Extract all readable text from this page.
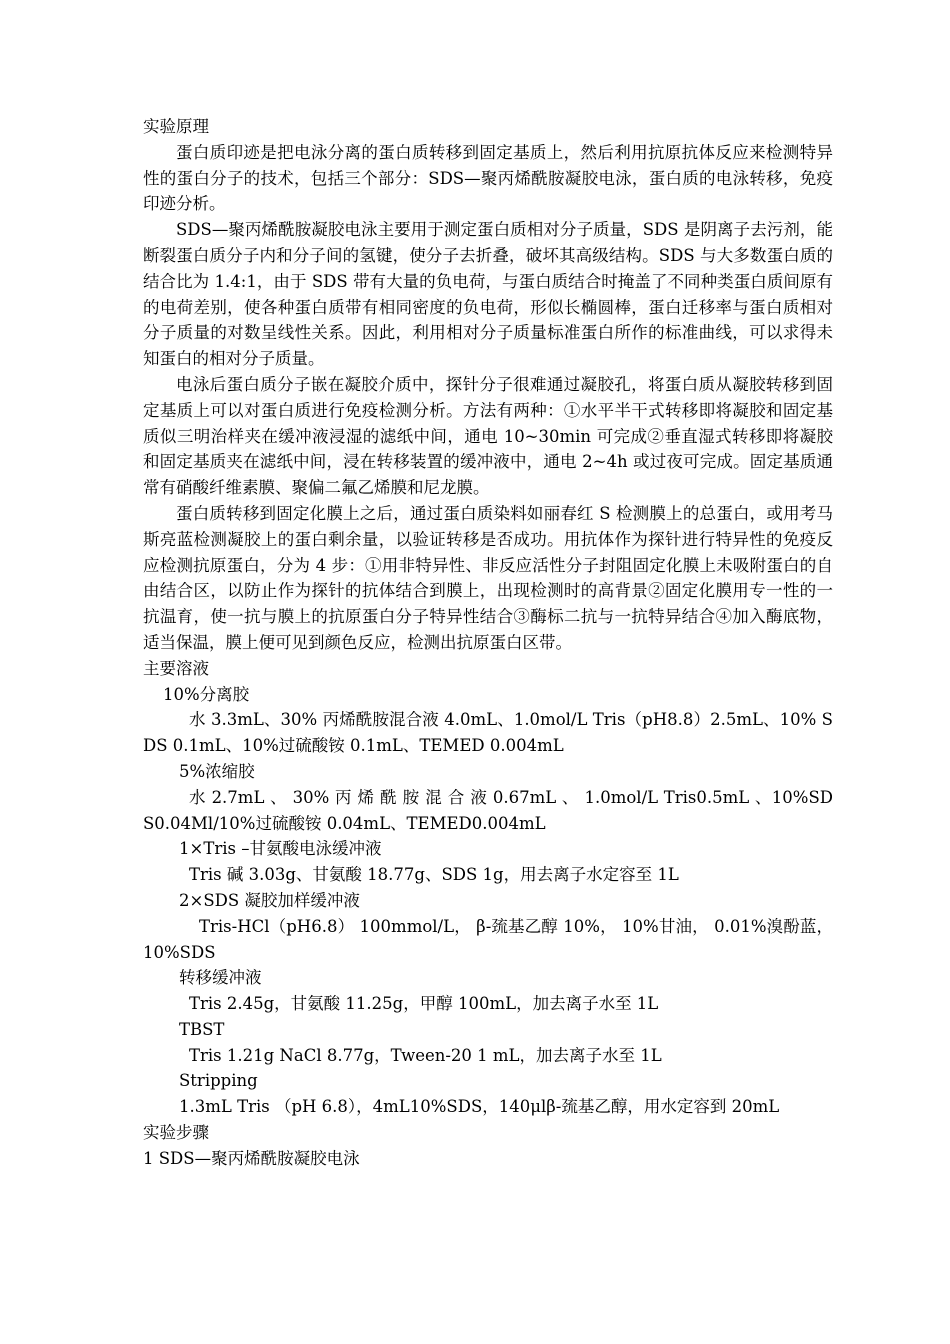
实验原理

蛋白质印迹是把电泳分离的蛋白质转移到固定基质上，然后利用抗原抗体反应来检测特异性的蛋白分子的技术，包括三个部分：SDS—聚丙烯酰胺凝胶电泳，蛋白质的电泳转移，免疫印迹分析。

SDS—聚丙烯酰胺凝胶电泳主要用于测定蛋白质相对分子质量，SDS 是阴离子去污剂，能断裂蛋白质分子内和分子间的氢键，使分子去折叠，破坏其高级结构。SDS 与大多数蛋白质的结合比为 1.4:1，由于 SDS 带有大量的负电荷，与蛋白质结合时掩盖了不同种类蛋白质间原有的电荷差别，使各种蛋白质带有相同密度的负电荷，形似长椭圆棒，蛋白迁移率与蛋白质相对分子质量的对数呈线性关系。因此，利用相对分子质量标准蛋白所作的标准曲线，可以求得未知蛋白的相对分子质量。

电泳后蛋白质分子嵌在凝胶介质中，探针分子很难通过凝胶孔，将蛋白质从凝胶转移到固定基质上可以对蛋白质进行免疫检测分析。方法有两种：①水平半干式转移即将凝胶和固定基质似三明治样夹在缓冲液浸湿的滤纸中间，通电 10~30min 可完成②垂直湿式转移即将凝胶和固定基质夹在滤纸中间，浸在转移装置的缓冲液中，通电 2~4h 或过夜可完成。固定基质通常有硝酸纤维素膜、聚偏二氟乙烯膜和尼龙膜。

蛋白质转移到固定化膜上之后，通过蛋白质染料如丽春红 S 检测膜上的总蛋白，或用考马斯亮蓝检测凝胶上的蛋白剩余量，以验证转移是否成功。用抗体作为探针进行特异性的免疫反应检测抗原蛋白，分为 4 步：①用非特异性、非反应活性分子封阻固定化膜上未吸附蛋白的自由结合区，以防止作为探针的抗体结合到膜上，出现检测时的高背景②固定化膜用专一性的一抗温育，使一抗与膜上的抗原蛋白分子特异性结合③酶标二抗与一抗特异结合④加入酶底物，适当保温，膜上便可见到颜色反应，检测出抗原蛋白区带。

主要溶液

10%分离胶

水 3.3mL、30% 丙烯酰胺混合液 4.0mL、1.0mol/L Tris（pH8.8）2.5mL、10% SDS 0.1mL、10%过硫酸铵 0.1mL、TEMED 0.004mL

5%浓缩胶

水 2.7mL 、 30% 丙 烯 酰 胺 混 合 液 0.67mL 、 1.0mol/L Tris0.5mL 、10%SDS0.04Ml/10%过硫酸铵 0.04mL、TEMED0.004mL

1×Tris –甘氨酸电泳缓冲液

Tris 碱 3.03g、甘氨酸 18.77g、SDS 1g，用去离子水定容至 1L

2×SDS 凝胶加样缓冲液

Tris-HCl（pH6.8） 100mmol/L， β-巯基乙醇 10%， 10%甘油， 0.01%溴酚蓝，10%SDS

转移缓冲液

Tris 2.45g，甘氨酸 11.25g，甲醇 100mL，加去离子水至 1L

TBST

Tris 1.21g NaCl 8.77g，Tween-20 1 mL，加去离子水至 1L

Stripping

1.3mL Tris （pH 6.8），4mL10%SDS，140μlβ-巯基乙醇，用水定容到 20mL

实验步骤

1 SDS—聚丙烯酰胺凝胶电泳
